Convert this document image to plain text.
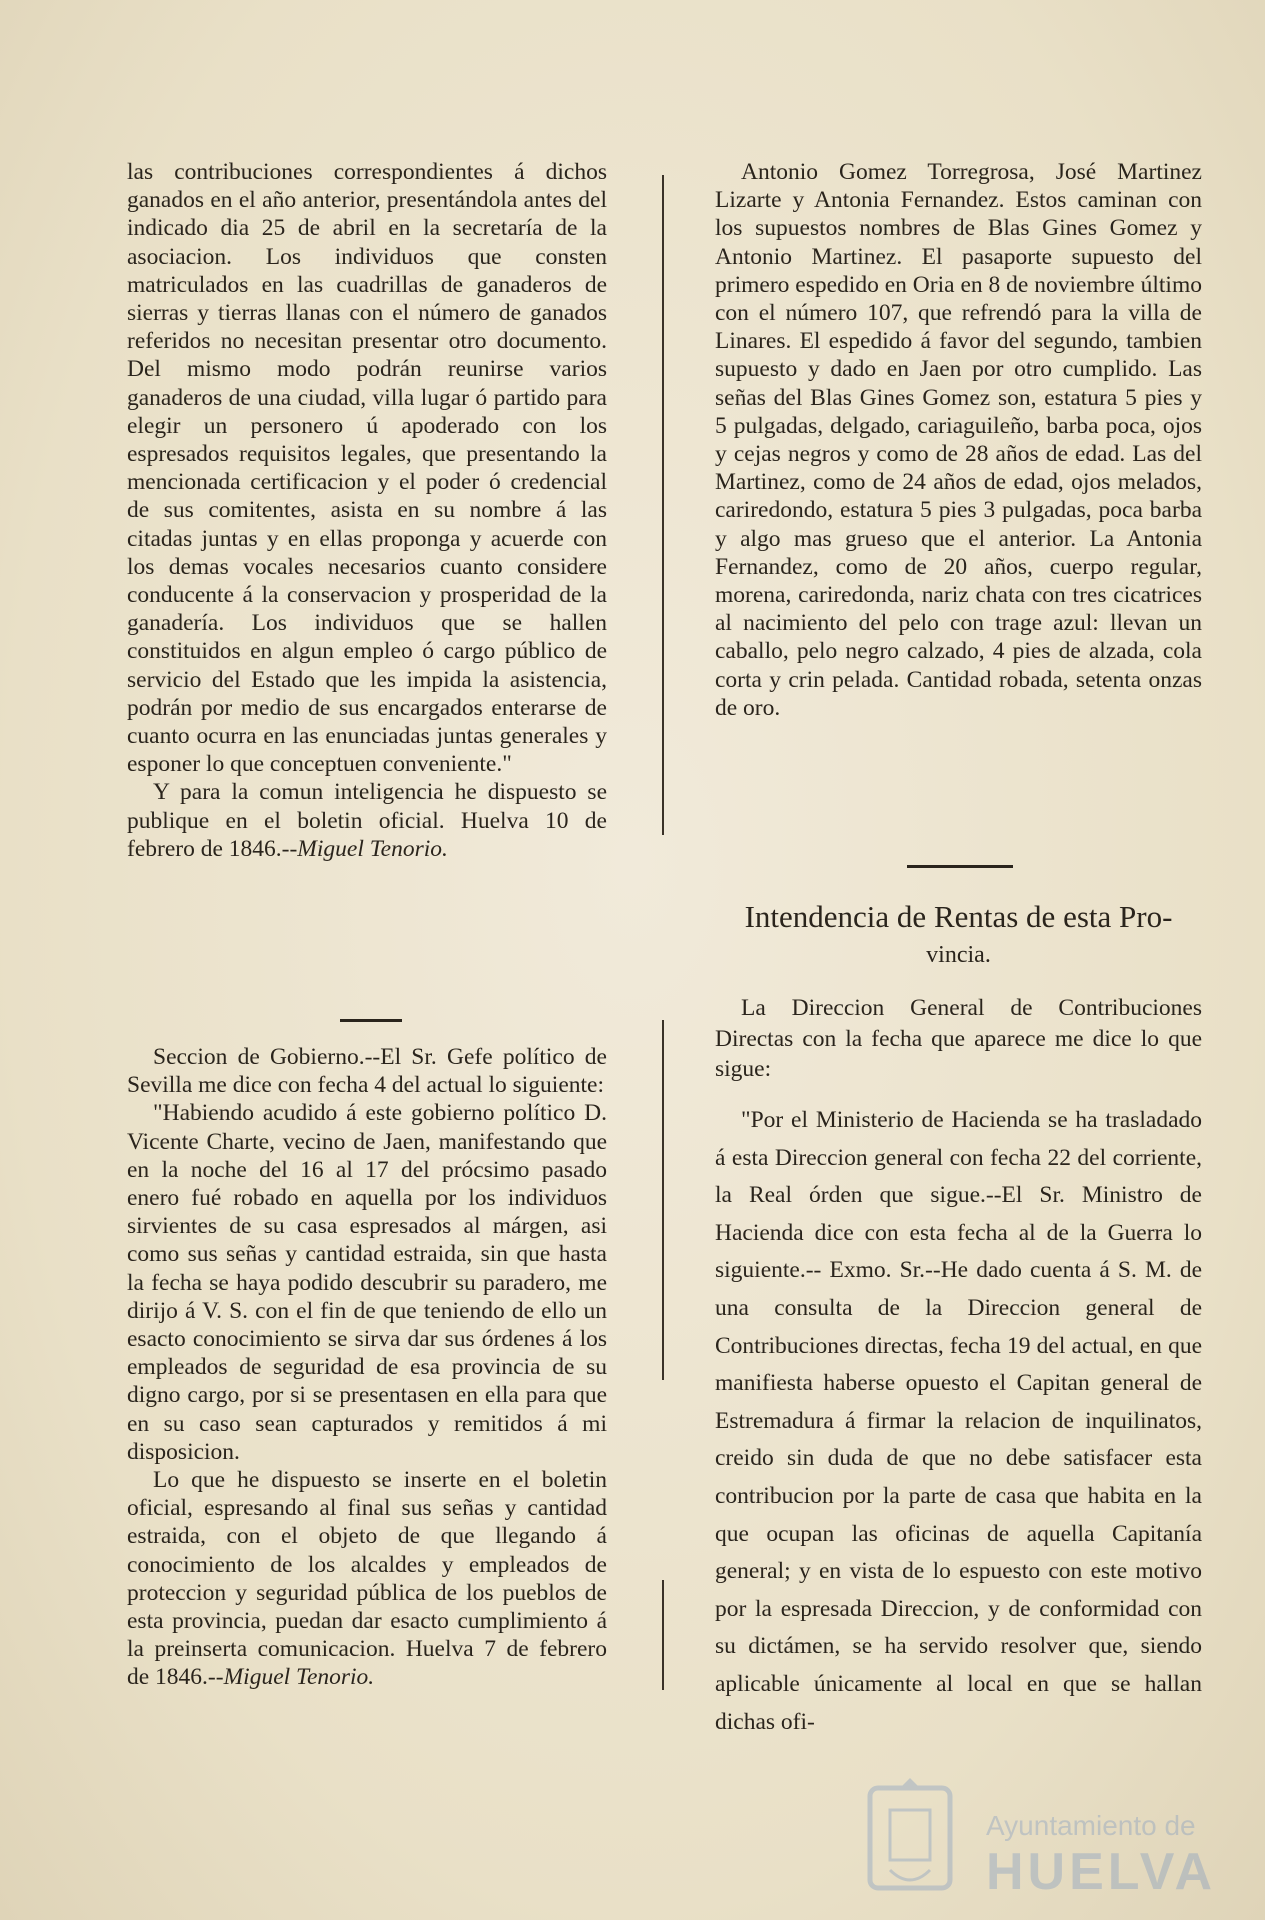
las contribuciones correspondientes á dichos ganados en el año anterior, presentándola antes del indicado dia 25 de abril en la secretaría de la asociacion. Los individuos que consten matriculados en las cuadrillas de ganaderos de sierras y tierras llanas con el número de ganados referidos no necesitan presentar otro documento. Del mismo modo podrán reunirse varios ganaderos de una ciudad, villa lugar ó partido para elegir un personero ú apoderado con los espresados requisitos legales, que presentando la mencionada certificacion y el poder ó credencial de sus comitentes, asista en su nombre á las citadas juntas y en ellas proponga y acuerde con los demas vocales necesarios cuanto considere conducente á la conservacion y prosperidad de la ganadería. Los individuos que se hallen constituidos en algun empleo ó cargo público de servicio del Estado que les impida la asistencia, podrán por medio de sus encargados enterarse de cuanto ocurra en las enunciadas juntas generales y esponer lo que conceptuen conveniente."

Y para la comun inteligencia he dispuesto se publique en el boletin oficial. Huelva 10 de febrero de 1846.--Miguel Tenorio.

Seccion de Gobierno.--El Sr. Gefe político de Sevilla me dice con fecha 4 del actual lo siguiente:

"Habiendo acudido á este gobierno político D. Vicente Charte, vecino de Jaen, manifestando que en la noche del 16 al 17 del prócsimo pasado enero fué robado en aquella por los individuos sirvientes de su casa espresados al márgen, asi como sus señas y cantidad estraida, sin que hasta la fecha se haya podido descubrir su paradero, me dirijo á V. S. con el fin de que teniendo de ello un esacto conocimiento se sirva dar sus órdenes á los empleados de seguridad de esa provincia de su digno cargo, por si se presentasen en ella para que en su caso sean capturados y remitidos á mi disposicion.

Lo que he dispuesto se inserte en el boletin oficial, espresando al final sus señas y cantidad estraida, con el objeto de que llegando á conocimiento de los alcaldes y empleados de proteccion y seguridad pública de los pueblos de esta provincia, puedan dar esacto cumplimiento á la preinserta comunicacion. Huelva 7 de febrero de 1846.--Miguel Tenorio.

Antonio Gomez Torregrosa, José Martinez Lizarte y Antonia Fernandez. Estos caminan con los supuestos nombres de Blas Gines Gomez y Antonio Martinez. El pasaporte supuesto del primero espedido en Oria en 8 de noviembre último con el número 107, que refrendó para la villa de Linares. El espedido á favor del segundo, tambien supuesto y dado en Jaen por otro cumplido. Las señas del Blas Gines Gomez son, estatura 5 pies y 5 pulgadas, delgado, cariaguileño, barba poca, ojos y cejas negros y como de 28 años de edad. Las del Martinez, como de 24 años de edad, ojos melados, cariredondo, estatura 5 pies 3 pulgadas, poca barba y algo mas grueso que el anterior. La Antonia Fernandez, como de 20 años, cuerpo regular, morena, cariredonda, nariz chata con tres cicatrices al nacimiento del pelo con trage azul: llevan un caballo, pelo negro calzado, 4 pies de alzada, cola corta y crin pelada. Cantidad robada, setenta onzas de oro.

Intendencia de Rentas de esta Pro-
vincia.

La Direccion General de Contribuciones Directas con la fecha que aparece me dice lo que sigue:

"Por el Ministerio de Hacienda se ha trasladado á esta Direccion general con fecha 22 del corriente, la Real órden que sigue.--El Sr. Ministro de Hacienda dice con esta fecha al de la Guerra lo siguiente.-- Exmo. Sr.--He dado cuenta á S. M. de una consulta de la Direccion general de Contribuciones directas, fecha 19 del actual, en que manifiesta haberse opuesto el Capitan general de Estremadura á firmar la relacion de inquilinatos, creido sin duda de que no debe satisfacer esta contribucion por la parte de casa que habita en la que ocupan las oficinas de aquella Capitanía general; y en vista de lo espuesto con este motivo por la espresada Direccion, y de conformidad con su dictámen, se ha servido resolver que, siendo aplicable únicamente al local en que se hallan dichas ofi-

Ayuntamiento de
HUELVA
